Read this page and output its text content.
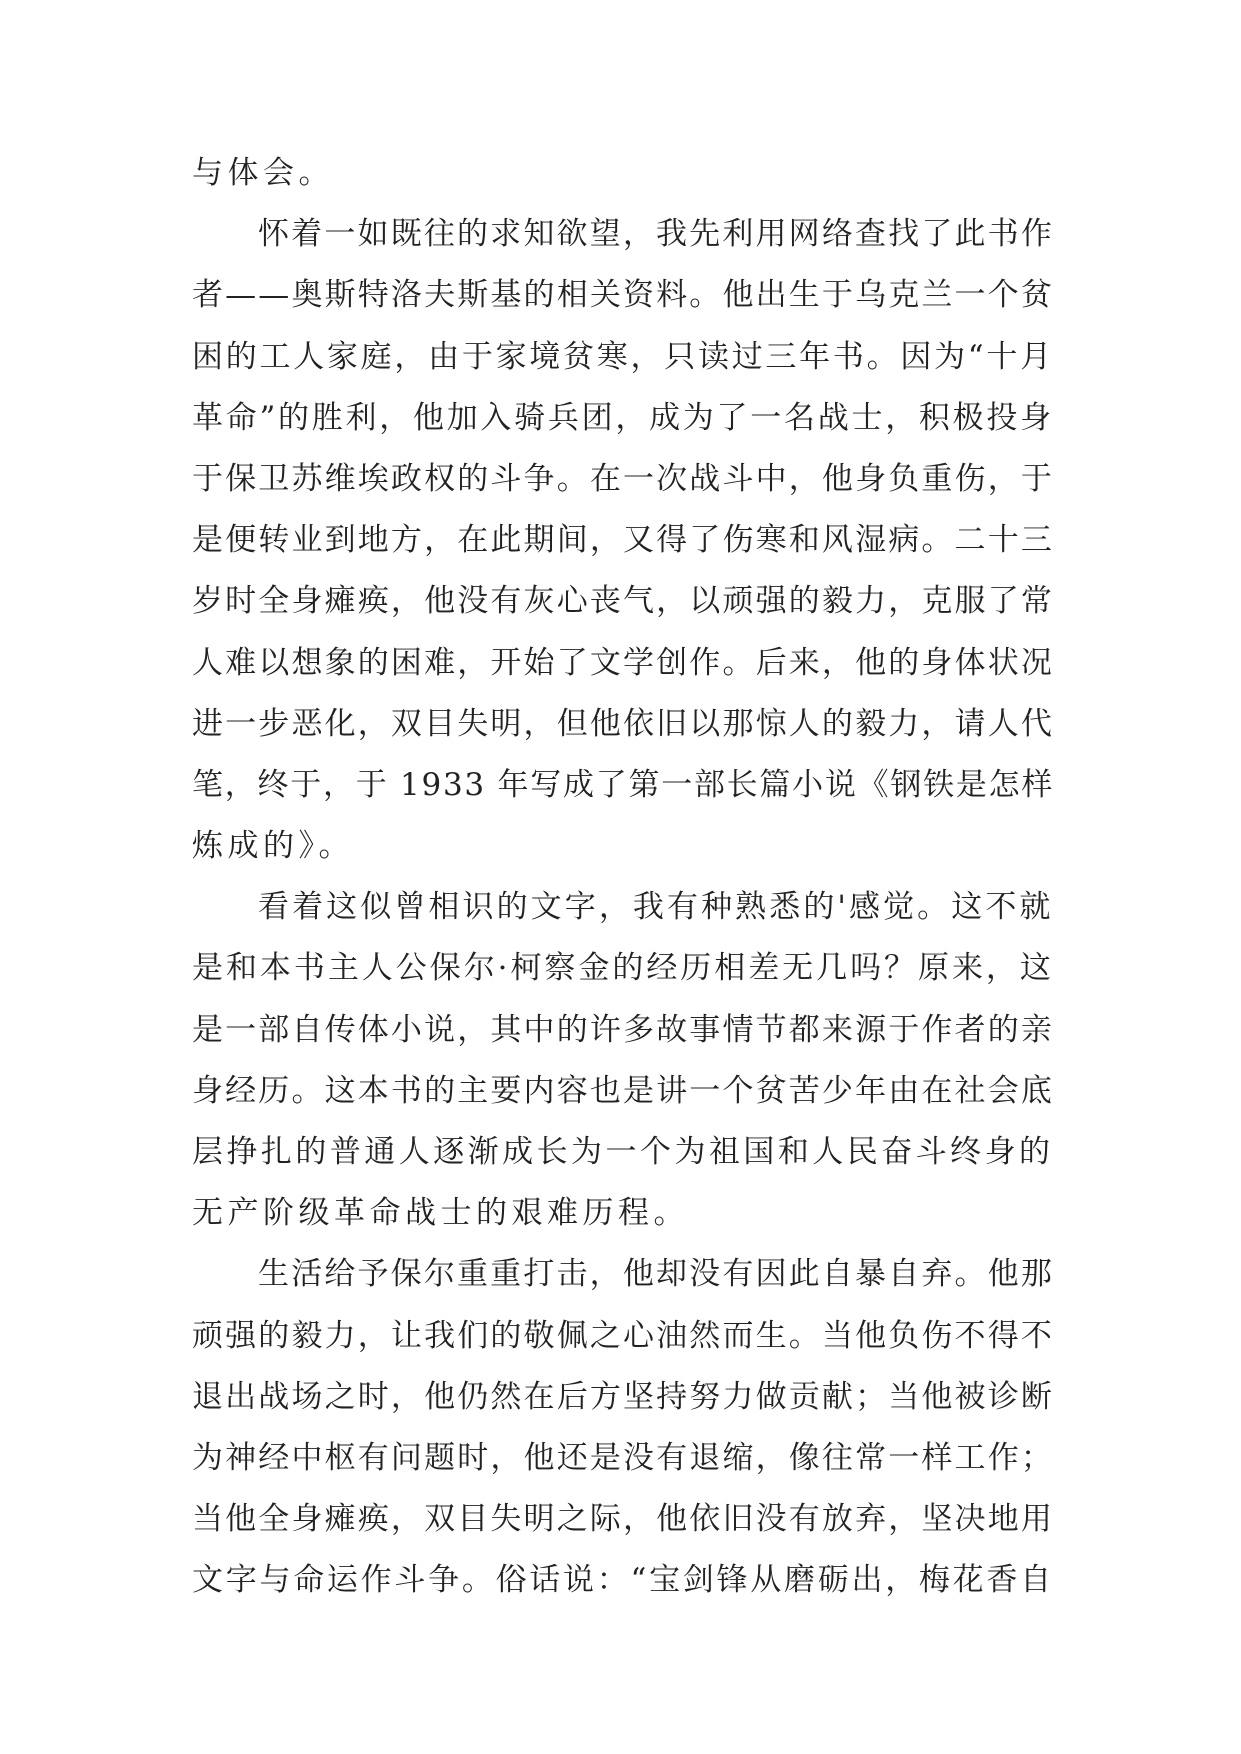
与体会。
怀着一如既往的求知欲望，我先利用网络查找了此书作
者——奥斯特洛夫斯基的相关资料。他出生于乌克兰一个贫
困的工人家庭，由于家境贫寒，只读过三年书。因为“十月
革命”的胜利，他加入骑兵团，成为了一名战士，积极投身
于保卫苏维埃政权的斗争。在一次战斗中，他身负重伤，于
是便转业到地方，在此期间，又得了伤寒和风湿病。二十三
岁时全身瘫痪，他没有灰心丧气，以顽强的毅力，克服了常
人难以想象的困难，开始了文学创作。后来，他的身体状况
进一步恶化，双目失明，但他依旧以那惊人的毅力，请人代
笔，终于，于 1933 年写成了第一部长篇小说《钢铁是怎样
炼成的》。
看着这似曾相识的文字，我有种熟悉的'感觉。这不就
是和本书主人公保尔·柯察金的经历相差无几吗？原来，这
是一部自传体小说，其中的许多故事情节都来源于作者的亲
身经历。这本书的主要内容也是讲一个贫苦少年由在社会底
层挣扎的普通人逐渐成长为一个为祖国和人民奋斗终身的
无产阶级革命战士的艰难历程。
生活给予保尔重重打击，他却没有因此自暴自弃。他那
顽强的毅力，让我们的敬佩之心油然而生。当他负伤不得不
退出战场之时，他仍然在后方坚持努力做贡献；当他被诊断
为神经中枢有问题时，他还是没有退缩，像往常一样工作；
当他全身瘫痪，双目失明之际，他依旧没有放弃，坚决地用
文字与命运作斗争。俗话说：“宝剑锋从磨砺出，梅花香自
